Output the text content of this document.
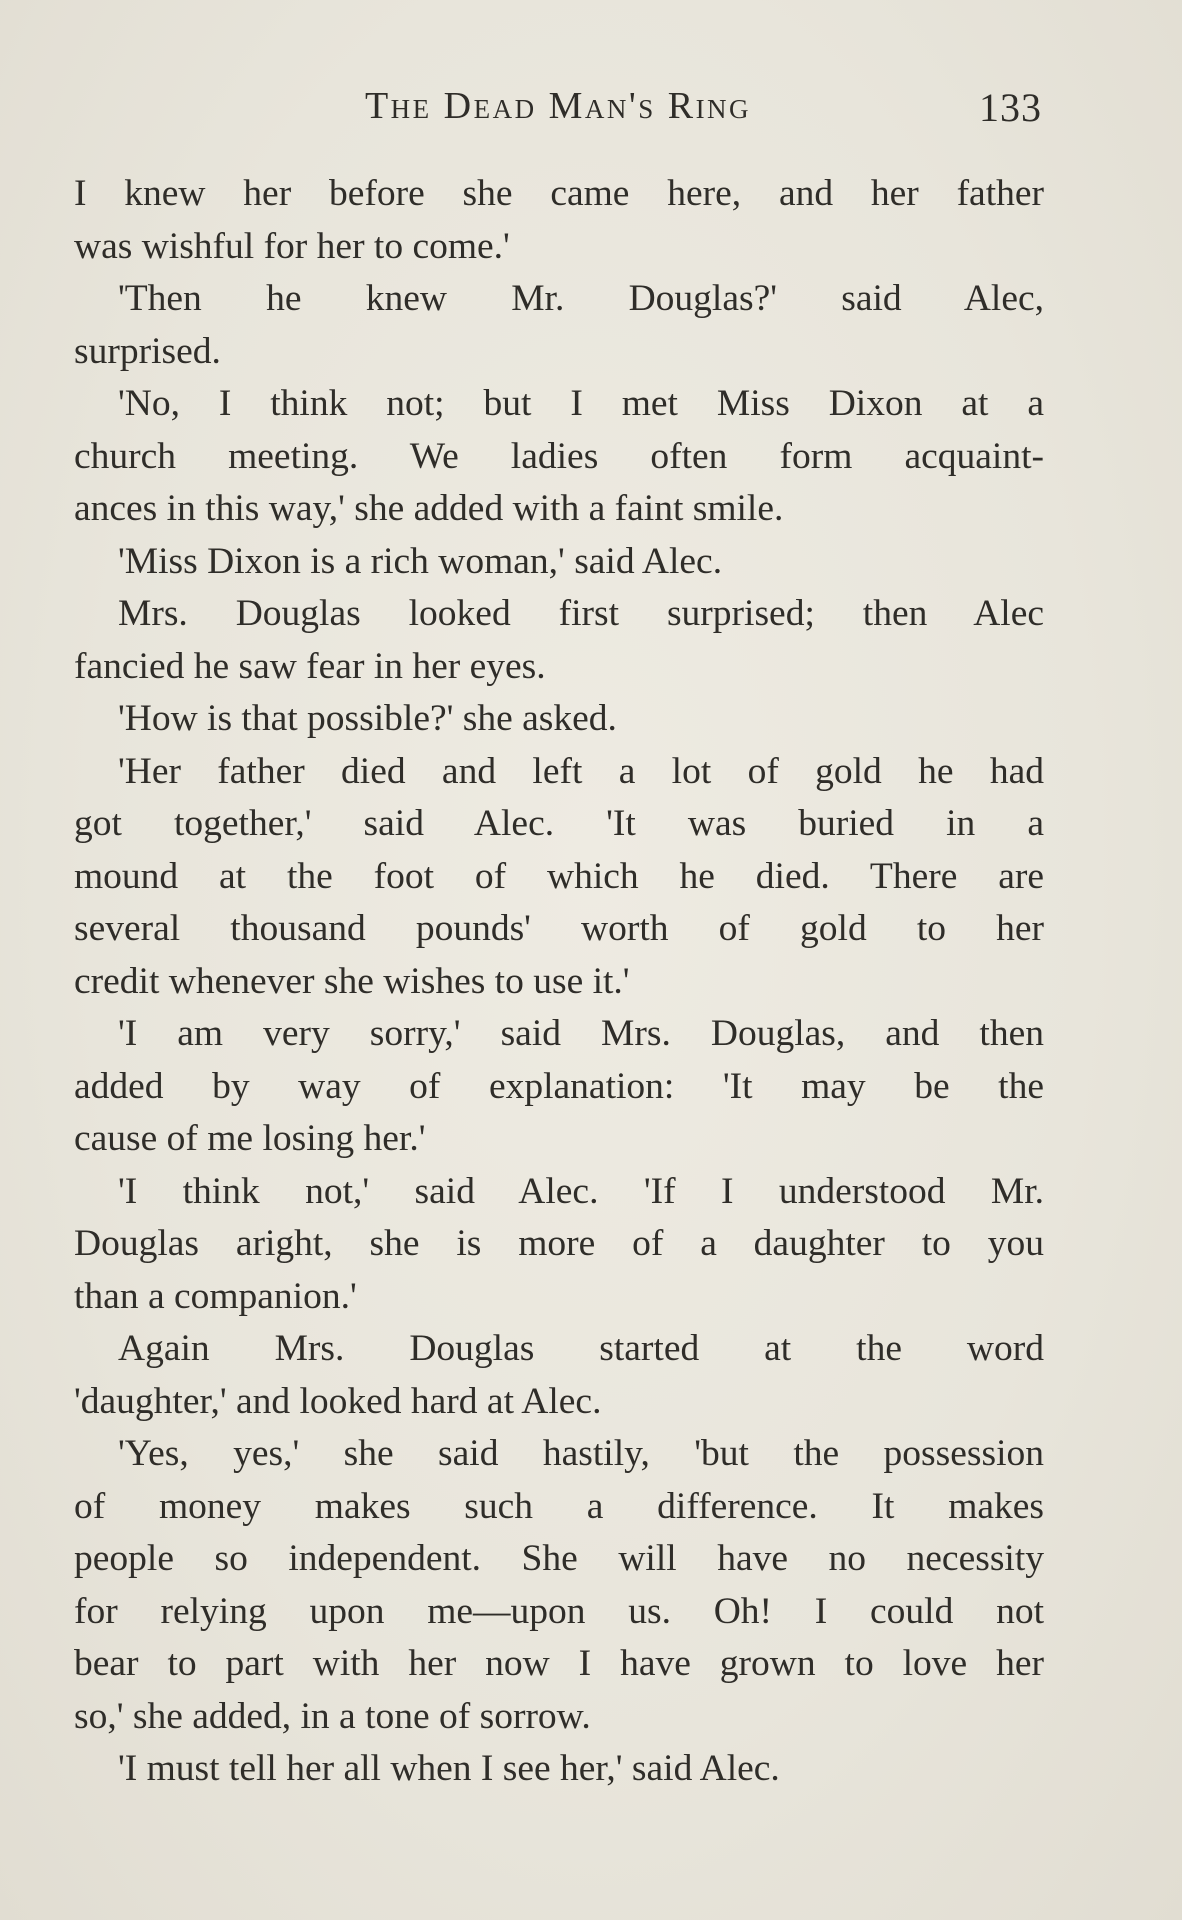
The Dead Man's Ring	133
I knew her before she came here, and her father
was wishful for her to come.'
'Then he knew Mr. Douglas?' said Alec,
surprised.
'No, I think not; but I met Miss Dixon at a
church meeting. We ladies often form acquaint-
ances in this way,' she added with a faint smile.
'Miss Dixon is a rich woman,' said Alec.
Mrs. Douglas looked first surprised; then Alec
fancied he saw fear in her eyes.
'How is that possible?' she asked.
'Her father died and left a lot of gold he had
got together,' said Alec. 'It was buried in a
mound at the foot of which he died. There are
several thousand pounds' worth of gold to her
credit whenever she wishes to use it.'
'I am very sorry,' said Mrs. Douglas, and then
added by way of explanation: 'It may be the
cause of me losing her.'
'I think not,' said Alec. 'If I understood Mr.
Douglas aright, she is more of a daughter to you
than a companion.'
Again Mrs. Douglas started at the word
'daughter,' and looked hard at Alec.
'Yes, yes,' she said hastily, 'but the possession
of money makes such a difference. It makes
people so independent. She will have no necessity
for relying upon me—upon us. Oh! I could not
bear to part with her now I have grown to love her
so,' she added, in a tone of sorrow.
'I must tell her all when I see her,' said Alec.
